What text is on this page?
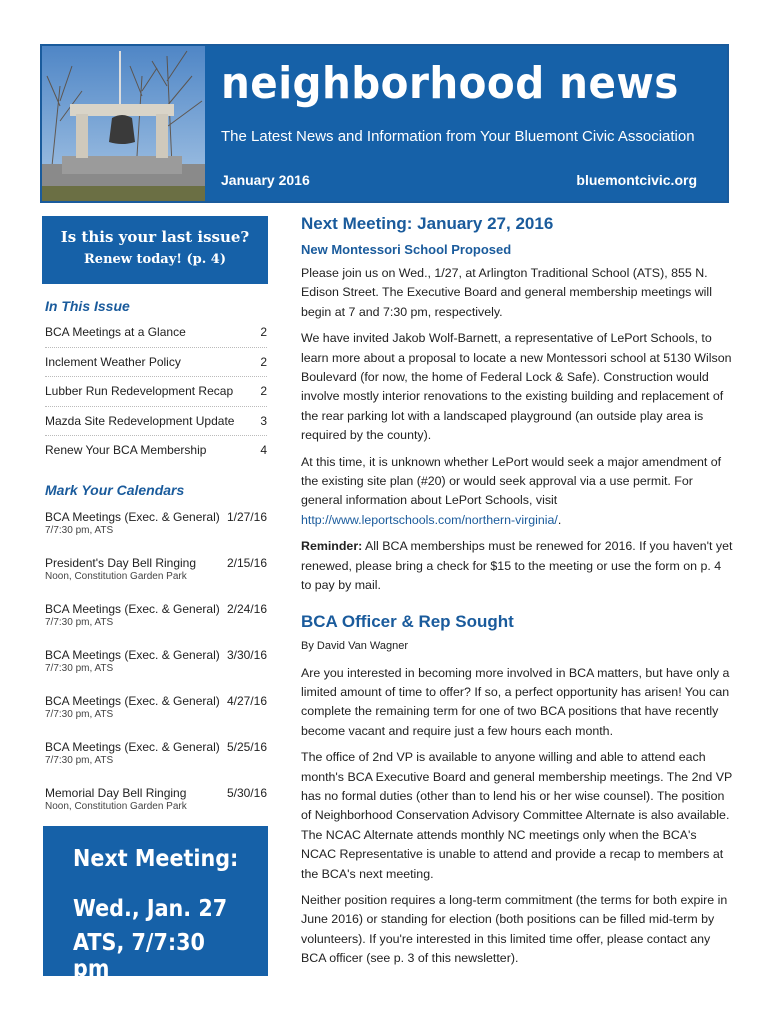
neighborhood news
The Latest News and Information from Your Bluemont Civic Association
January 2016	bluemontcivic.org
Is this your last issue?
Renew today! (p. 4)
In This Issue
BCA Meetings at a Glance	2
Inclement Weather Policy	2
Lubber Run Redevelopment Recap 2
Mazda Site Redevelopment Update 3
Renew Your BCA Membership	4
Mark Your Calendars
BCA Meetings (Exec. & General) 1/27/16
7/7:30 pm, ATS
President's Day Bell Ringing	2/15/16
Noon, Constitution Garden Park
BCA Meetings (Exec. & General) 2/24/16
7/7:30 pm, ATS
BCA Meetings (Exec. & General) 3/30/16
7/7:30 pm, ATS
BCA Meetings (Exec. & General) 4/27/16
7/7:30 pm, ATS
BCA Meetings (Exec. & General) 5/25/16
7/7:30 pm, ATS
Memorial Day Bell Ringing	5/30/16
Noon, Constitution Garden Park
Next Meeting:
Wed., Jan. 27
ATS, 7/7:30 pm
Next Meeting: January 27, 2016
New Montessori School Proposed

Please join us on Wed., 1/27, at Arlington Traditional School (ATS), 855 N. Edison Street. The Executive Board and general membership meetings will begin at 7 and 7:30 pm, respectively.

We have invited Jakob Wolf-Barnett, a representative of LePort Schools, to learn more about a proposal to locate a new Montessori school at 5130 Wilson Boulevard (for now, the home of Federal Lock & Safe). Construction would involve mostly interior renovations to the existing building and replacement of the rear parking lot with a landscaped playground (an outside play area is required by the county).

At this time, it is unknown whether LePort would seek a major amendment of the existing site plan (#20) or would seek approval via a use permit. For general information about LePort Schools, visit http://www.leportschools.com/northern-virginia/.

Reminder: All BCA memberships must be renewed for 2016. If you haven't yet renewed, please bring a check for $15 to the meeting or use the form on p. 4 to pay by mail.

BCA Officer & Rep Sought

By David Van Wagner

Are you interested in becoming more involved in BCA matters, but have only a limited amount of time to offer? If so, a perfect opportunity has arisen! You can complete the remaining term for one of two BCA positions that have recently become vacant and require just a few hours each month.

The office of 2nd VP is available to anyone willing and able to attend each month's BCA Executive Board and general membership meetings. The 2nd VP has no formal duties (other than to lend his or her wise counsel). The position of Neighborhood Conservation Advisory Committee Alternate is also available. The NCAC Alternate attends monthly NC meetings only when the BCA's NCAC Representative is unable to attend and provide a recap to members at the BCA's next meeting.

Neither position requires a long-term commitment (the terms for both expire in June 2016) or standing for election (both positions can be filled mid-term by volunteers). If you're interested in this limited time offer, please contact any BCA officer (see p. 3 of this newsletter).
